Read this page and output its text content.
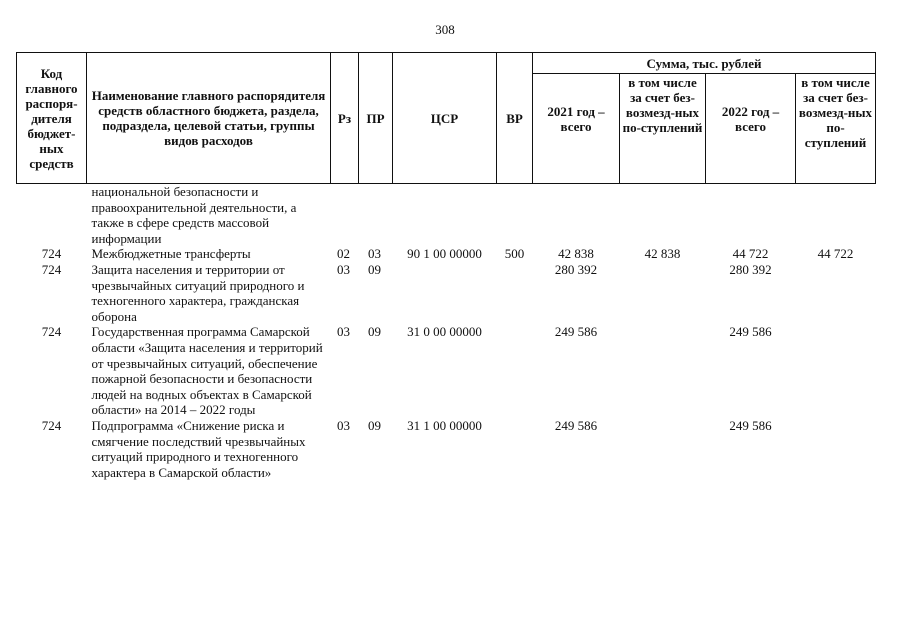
308
Код главного распоря-дителя бюджет-ных средств	Наименование главного распорядителя средств областного бюджета, раздела, подраздела, целевой статьи, группы видов расходов	Рз	ПР	ЦСР	ВР	Сумма, тыс. рублей			
						2021 год – всего	в том числе за счет без-возмезд-ных по-ступлений	2022 год – всего	в том числе за счет без-возмезд-ных по-ступлений
	национальной безопасности и правоохранительной деятельности, а также в сфере средств массовой информации								
724	Межбюджетные трансферты	02	03	90 1 00 00000	500	42 838	42 838	44 722	44 722
724	Защита населения и территории от чрезвычайных ситуаций природного и техногенного характера, гражданская оборона	03	09			280 392		280 392	
724	Государственная программа Самарской области «Защита населения и территорий от чрезвычайных ситуаций, обеспечение пожарной безопасности и безопасности людей на водных объектах в Самарской области» на 2014 – 2022 годы	03	09	31 0 00 00000		249 586		249 586	
724	Подпрограмма «Снижение риска и смягчение последствий чрезвычайных ситуаций природного и техногенного характера в Самарской области»	03	09	31 1 00 00000		249 586		249 586	
